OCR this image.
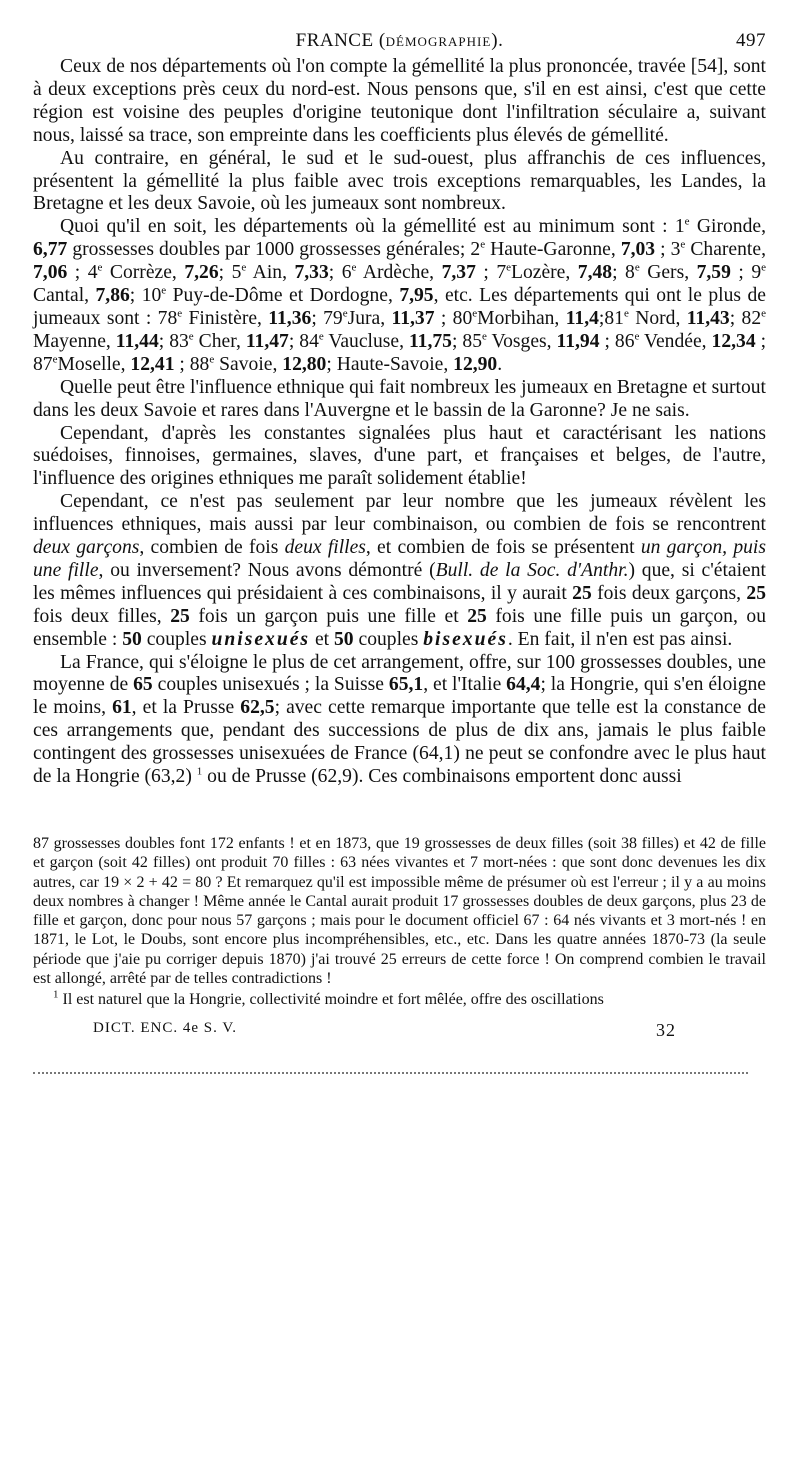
FRANCE (DÉMOGRAPHIE).	497

Ceux de nos départements où l'on compte la gémellité la plus prononcée, travée [54], sont à deux exceptions près ceux du nord-est. Nous pensons que, s'il en est ainsi, c'est que cette région est voisine des peuples d'origine teutonique dont l'infiltration séculaire a, suivant nous, laissé sa trace, son empreinte dans les coefficients plus élevés de gémellité.

Au contraire, en général, le sud et le sud-ouest, plus affranchis de ces influences, présentent la gémellité la plus faible avec trois exceptions remarquables, les Landes, la Bretagne et les deux Savoie, où les jumeaux sont nombreux.

Quoi qu'il en soit, les départements où la gémellité est au minimum sont : 1e Gironde, 6,77 grossesses doubles par 1000 grossesses générales; 2e Haute-Garonne, 7,03 ; 3e Charente, 7,06 ; 4e Corrèze, 7,26; 5e Ain, 7,33; 6e Ardèche, 7,37 ; 7eLozère, 7,48; 8e Gers, 7,59 ; 9e Cantal, 7,86; 10e Puy-de-Dôme et Dordogne, 7,95, etc. Les départements qui ont le plus de jumeaux sont : 78e Finistère, 11,36; 79eJura, 11,37 ; 80eMorbihan, 11,4;81e Nord, 11,43; 82e Mayenne, 11,44; 83e Cher, 11,47; 84e Vaucluse, 11,75; 85e Vosges, 11,94 ; 86e Vendée, 12,34 ; 87eMoselle, 12,41 ; 88e Savoie, 12,80; Haute-Savoie, 12,90.

Quelle peut être l'influence ethnique qui fait nombreux les jumeaux en Bretagne et surtout dans les deux Savoie et rares dans l'Auvergne et le bassin de la Garonne? Je ne sais.

Cependant, d'après les constantes signalées plus haut et caractérisant les nations suédoises, finnoises, germaines, slaves, d'une part, et françaises et belges, de l'autre, l'influence des origines ethniques me paraît solidement établie!

Cependant, ce n'est pas seulement par leur nombre que les jumeaux révèlent les influences ethniques, mais aussi par leur combinaison, ou combien de fois se rencontrent deux garçons, combien de fois deux filles, et combien de fois se présentent un garçon, puis une fille, ou inversement? Nous avons démontré (Bull. de la Soc. d'Anthr.) que, si c'étaient les mêmes influences qui présidaient à ces combinaisons, il y aurait 25 fois deux garçons, 25 fois deux filles, 25 fois un garçon puis une fille et 25 fois une fille puis un garçon, ou ensemble : 50 couples unisexués et 50 couples bisexués. En fait, il n'en est pas ainsi.

La France, qui s'éloigne le plus de cet arrangement, offre, sur 100 grossesses doubles, une moyenne de 65 couples unisexués ; la Suisse 65,1, et l'Italie 64,4; la Hongrie, qui s'en éloigne le moins, 61, et la Prusse 62,5; avec cette remarque importante que telle est la constance de ces arrangements que, pendant des successions de plus de dix ans, jamais le plus faible contingent des grossesses unisexuées de France (64,1) ne peut se confondre avec le plus haut de la Hongrie (63,2) $^1$ ou de Prusse (62,9). Ces combinaisons emportent donc aussi

87 grossesses doubles font 172 enfants ! et en 1873, que 19 grossesses de deux filles (soit 38 filles) et 42 de fille et garçon (soit 42 filles) ont produit 70 filles : 63 nées vivantes et 7 mort-nées : que sont donc devenues les dix autres, car 19 × 2 + 42 = 80 ? Et remarquez qu'il est impossible même de présumer où est l'erreur ; il y a au moins deux nombres à changer ! Même année le Cantal aurait produit 17 grossesses doubles de deux garçons, plus 23 de fille et garçon, donc pour nous 57 garçons ; mais pour le document officiel 67 : 64 nés vivants et 3 mort-nés ! en 1871, le Lot, le Doubs, sont encore plus incompréhensibles, etc., etc. Dans les quatre années 1870-73 (la seule période que j'aie pu corriger depuis 1870) j'ai trouvé 25 erreurs de cette force ! On comprend combien le travail est allongé, arrêté par de telles contradictions !

$^1$ Il est naturel que la Hongrie, collectivité moindre et fort mêlée, offre des oscillations

DICT. ENC. 4e S. V.	32
